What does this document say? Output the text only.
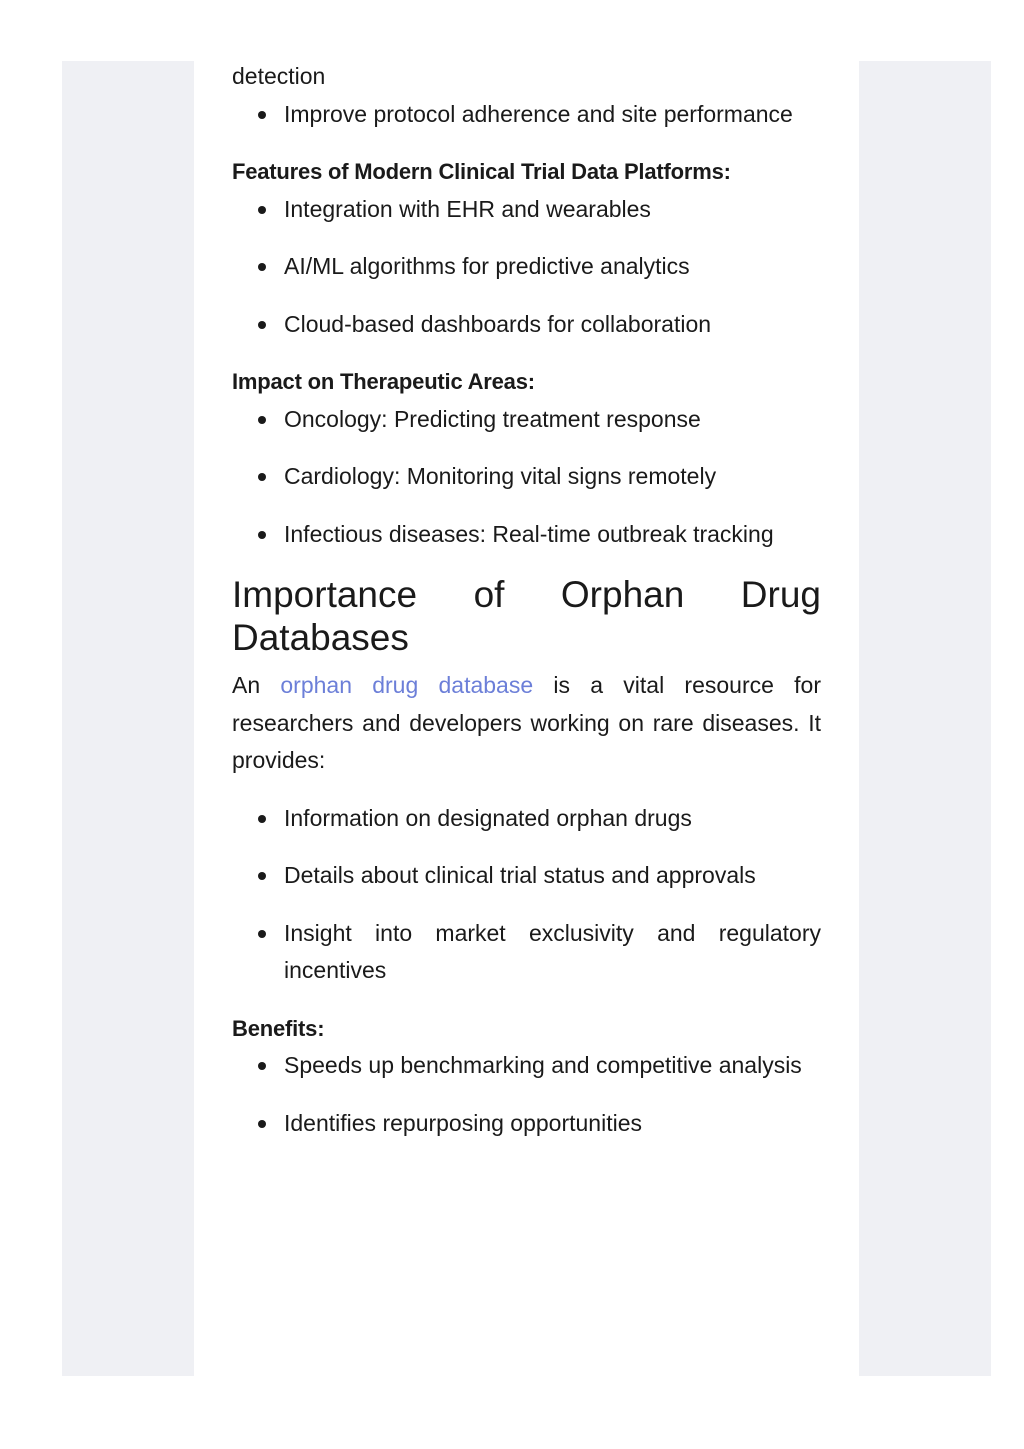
detection

Improve protocol adherence and site performance

Features of Modern Clinical Trial Data Platforms:

Integration with EHR and wearables
AI/ML algorithms for predictive analytics
Cloud-based dashboards for collaboration

Impact on Therapeutic Areas:

Oncology: Predicting treatment response
Cardiology: Monitoring vital signs remotely
Infectious diseases: Real-time outbreak tracking
Importance of Orphan Drug
Databases

An orphan drug database is a vital resource for researchers and developers working on rare diseases. It provides:

Information on designated orphan drugs
Details about clinical trial status and approvals
Insight into market exclusivity and regulatory incentives

Benefits:

Speeds up benchmarking and competitive analysis
Identifies repurposing opportunities
